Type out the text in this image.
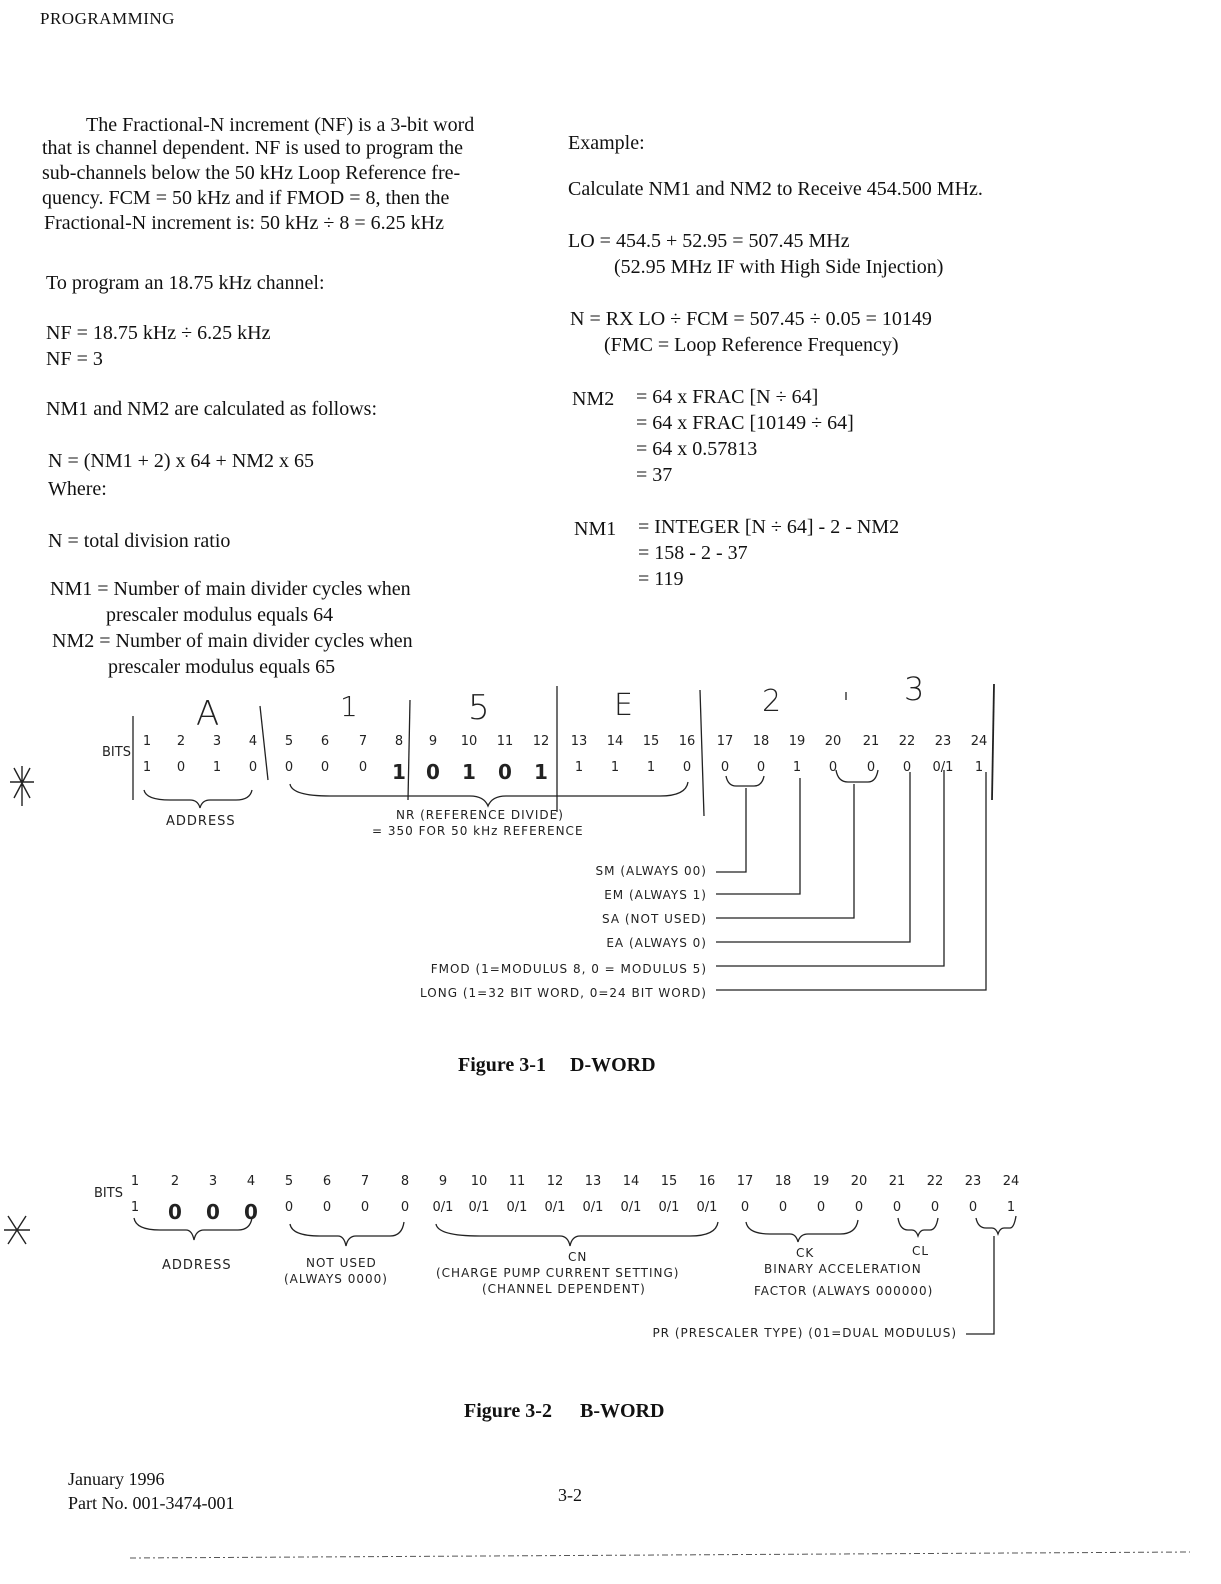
PROGRAMMING
The Fractional-N increment (NF) is a 3-bit word
that is channel dependent. NF is used to program the
sub-channels below the 50 kHz Loop Reference fre-
quency. FCM = 50 kHz and if FMOD = 8, then the
Fractional-N increment is: 50 kHz ÷ 8 = 6.25 kHz
To program an 18.75 kHz channel:
NF = 18.75 kHz ÷ 6.25 kHz
NF = 3
NM1 and NM2 are calculated as follows:
N = (NM1 + 2) x 64 + NM2 x 65
Where:
N = total division ratio
NM1 = Number of main divider cycles when
prescaler modulus equals 64
NM2 = Number of main divider cycles when
prescaler modulus equals 65
Example:
Calculate NM1 and NM2 to Receive 454.500 MHz.
LO = 454.5 + 52.95 = 507.45 MHz
(52.95 MHz IF with High Side Injection)
N = RX LO ÷ FCM = 507.45 ÷ 0.05 = 10149
(FMC = Loop Reference Frequency)
NM2 = 64 x FRAC [N ÷ 64]
= 64 x FRAC [10149 ÷ 64]
= 64 x 0.57813
= 37
NM1 = INTEGER [N ÷ 64] - 2 - NM2
= 158 - 2 - 37
= 119
A	1	5	E	2	3
BITS
1	2	3	4	5	6	7	8	9	10	11	12	13	14	15	16	17	18	19	20	21	22	23	24
1	0	1	0	0	0	0	1	0	1	0	1	1	1	1	0	0	0	1	0	0	0	0/1	1
ADDRESS	NR (REFERENCE DIVIDE)
= 350 FOR 50 kHz REFERENCE
SM (ALWAYS 00)
EM (ALWAYS 1)
SA (NOT USED)
EA (ALWAYS 0)
FMOD (1=MODULUS 8, 0 = MODULUS 5)
LONG (1=32 BIT WORD, 0=24 BIT WORD)
Figure 3-1 D-WORD
BITS
1	2	3	4	5	6	7	8	9	10	11	12	13	14	15	16	17	18	19	20	21	22	23	24
1	0	0	0	0	0	0	0	0/1	0/1	0/1	0/1	0/1	0/1	0/1	0/1	0	0	0	0	0	0	0	1
ADDRESS	NOT USED
(ALWAYS 0000)
CN
(CHARGE PUMP CURRENT SETTING)
(CHANNEL DEPENDENT)
CK	CL
BINARY ACCELERATION
FACTOR (ALWAYS 000000)
PR (PRESCALER TYPE) (01=DUAL MODULUS)
Figure 3-2 B-WORD
January 1996
Part No. 001-3474-001	3-2
